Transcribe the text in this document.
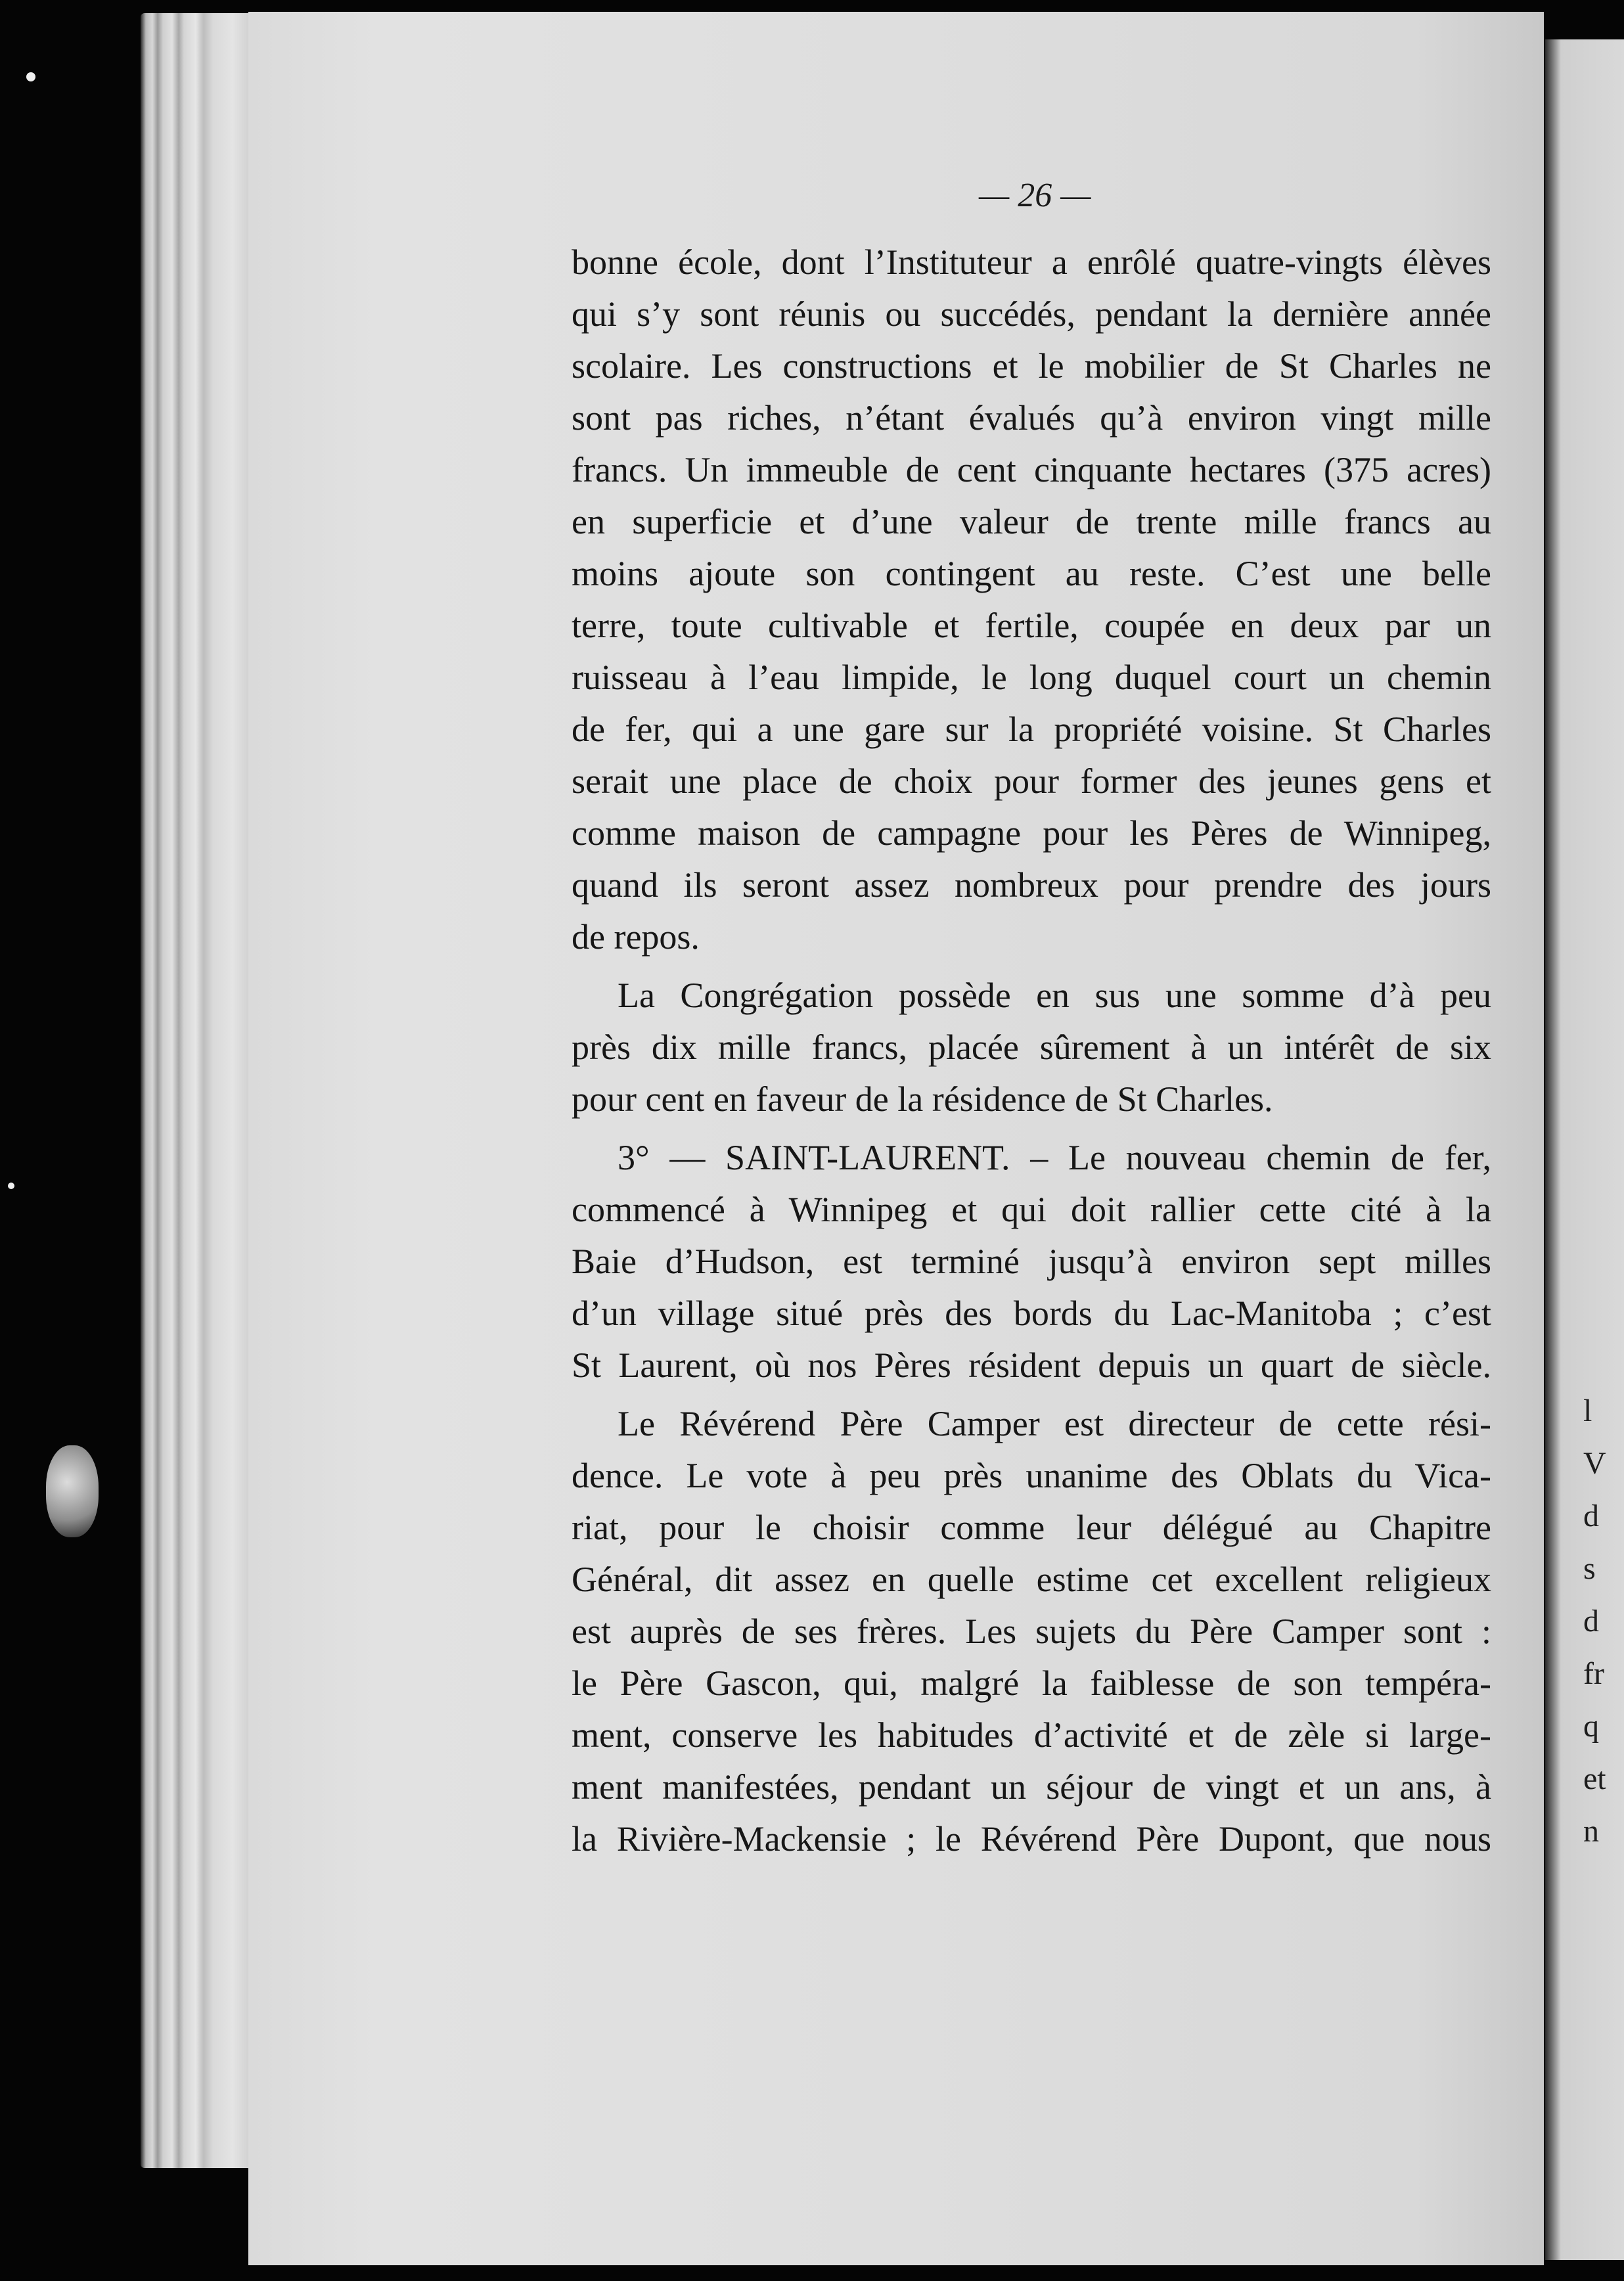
— 26 —
bonne école, dont l’Instituteur a enrôlé quatre-vingts élèves
qui s’y sont réunis ou succédés, pendant la dernière année
scolaire. Les constructions et le mobilier de St Charles ne
sont pas riches, n’étant évalués qu’à environ vingt mille
francs. Un immeuble de cent cinquante hectares (375 acres)
en superficie et d’une valeur de trente mille francs au
moins ajoute son contingent au reste. C’est une belle
terre, toute cultivable et fertile, coupée en deux par un
ruisseau à l’eau limpide, le long duquel court un chemin
de fer, qui a une gare sur la propriété voisine. St Charles
serait une place de choix pour former des jeunes gens et
comme maison de campagne pour les Pères de Winnipeg,
quand ils seront assez nombreux pour prendre des jours
de repos.
La Congrégation possède en sus une somme d’à peu
près dix mille francs, placée sûrement à un intérêt de six
pour cent en faveur de la résidence de St Charles.
3° — SAINT-LAURENT. – Le nouveau chemin de fer,
commencé à Winnipeg et qui doit rallier cette cité à la
Baie d’Hudson, est terminé jusqu’à environ sept milles
d’un village situé près des bords du Lac-Manitoba ; c’est
St Laurent, où nos Pères résident depuis un quart de siècle.
Le Révérend Père Camper est directeur de cette rési-
dence. Le vote à peu près unanime des Oblats du Vica-
riat, pour le choisir comme leur délégué au Chapitre
Général, dit assez en quelle estime cet excellent religieux
est auprès de ses frères. Les sujets du Père Camper sont :
le Père Gascon, qui, malgré la faiblesse de son tempéra-
ment, conserve les habitudes d’activité et de zèle si large-
ment manifestées, pendant un séjour de vingt et un ans, à
la Rivière-Mackensie ; le Révérend Père Dupont, que nous
l
V
d
s
d
fr
q
et
n
